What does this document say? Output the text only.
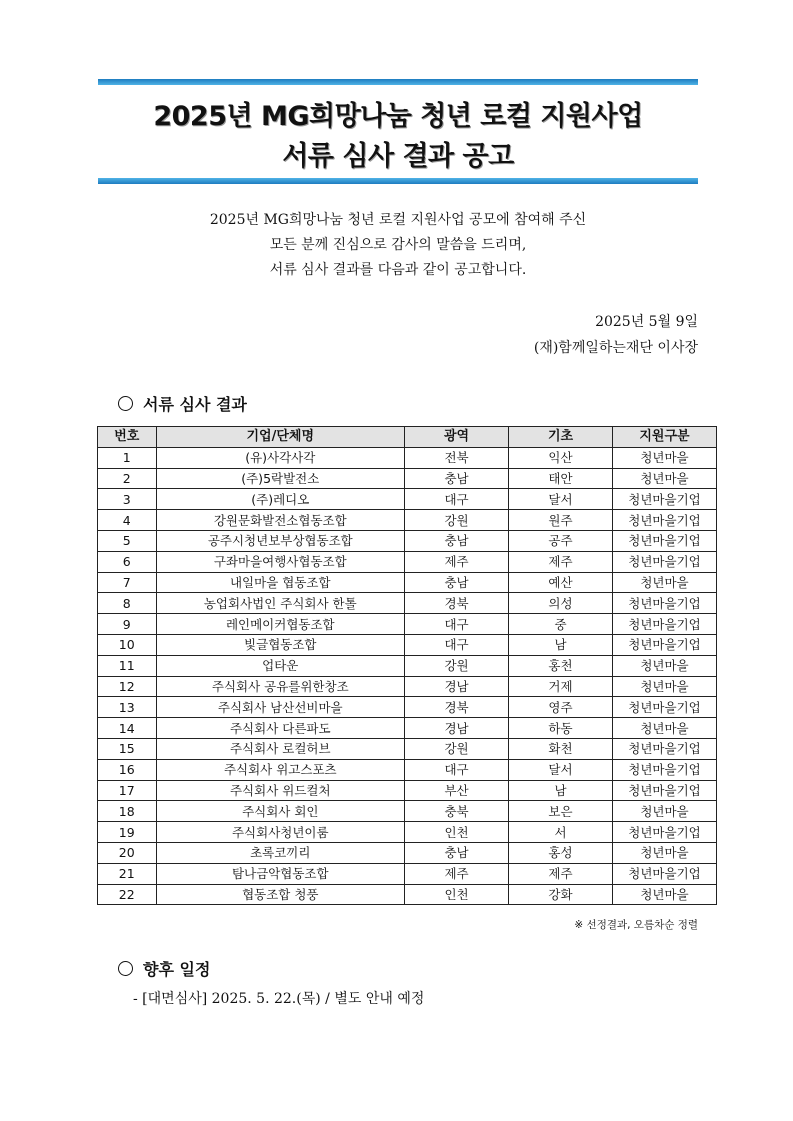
2025년 MG희망나눔 청년 로컬 지원사업
서류 심사 결과 공고
2025년 MG희망나눔 청년 로컬 지원사업 공모에 참여해 주신
모든 분께 진심으로 감사의 말씀을 드리며,
서류 심사 결과를 다음과 같이 공고합니다.
2025년 5월 9일
(재)함께일하는재단 이사장
서류 심사 결과
번호	기업/단체명	광역	기초	지원구분
1	(유)사각사각	전북	익산	청년마을
2	(주)5락발전소	충남	태안	청년마을
3	(주)레디오	대구	달서	청년마을기업
4	강원문화발전소협동조합	강원	원주	청년마을기업
5	공주시청년보부상협동조합	충남	공주	청년마을기업
6	구좌마을여행사협동조합	제주	제주	청년마을기업
7	내일마을 협동조합	충남	예산	청년마을
8	농업회사법인 주식회사 한톨	경북	의성	청년마을기업
9	레인메이커협동조합	대구	중	청년마을기업
10	빛글협동조합	대구	남	청년마을기업
11	업타운	강원	홍천	청년마을
12	주식회사 공유를위한창조	경남	거제	청년마을
13	주식회사 남산선비마을	경북	영주	청년마을기업
14	주식회사 다른파도	경남	하동	청년마을
15	주식회사 로컬허브	강원	화천	청년마을기업
16	주식회사 위고스포츠	대구	달서	청년마을기업
17	주식회사 위드컬처	부산	남	청년마을기업
18	주식회사 회인	충북	보은	청년마을
19	주식회사청년이룸	인천	서	청년마을기업
20	초록코끼리	충남	홍성	청년마을
21	탐나금악협동조합	제주	제주	청년마을기업
22	협동조합 청풍	인천	강화	청년마을
※ 선정결과, 오름차순 정렬
향후 일정
- [대면심사] 2025. 5. 22.(목) / 별도 안내 예정
